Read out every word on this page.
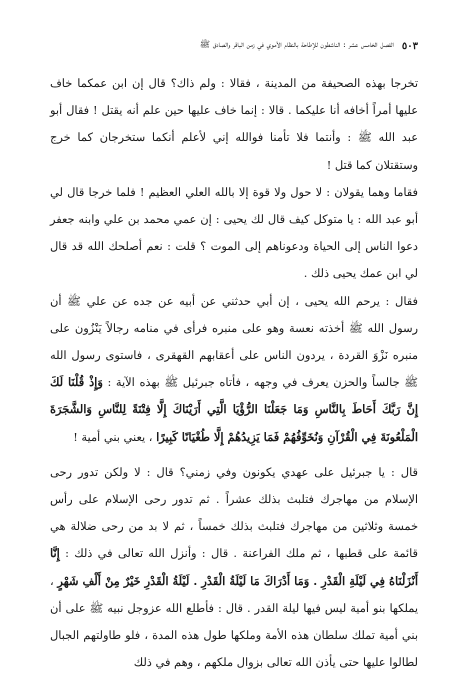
٥٠٣
الفصل الخامس عشر : الناشطون للإطاحة بالنظام الأموي في زمن الباقر والصادق ﷺ

تخرجا بهذه الصحيفة من المدينة ، فقالا : ولم ذاك؟ قال إن ابن عمكما خاف عليها أمراً أخافه أنا عليكما . قالا : إنما خاف عليها حين علم أنه يقتل ! فقال أبو عبد الله ﷺ : وأنتما فلا تأمنا فوالله إني لأعلم أنكما ستخرجان كما خرج وستقتلان كما قتل !

فقاما وهما يقولان : لا حول ولا قوة إلا بالله العلي العظيم ! فلما خرجا قال لي أبو عبد الله : يا متوكل كيف قال لك يحيى : إن عمي محمد بن علي وابنه جعفر دعوا الناس إلى الحياة ودعوناهم إلى الموت ؟ قلت : نعم أصلحك الله قد قال لي ابن عمك يحيى ذلك .

فقال : يرحم الله يحيى ، إن أبي حدثني عن أبيه عن جده عن علي ﷺ أن رسول الله ﷺ أخذته نعسة وهو على منبره فرأى في منامه رجالاً يَنْزُون على منبره نَزْوَ القردة ، يردون الناس على أعقابهم القهقرى ، فاستوى رسول الله ﷺ جالساً والحزن يعرف في وجهه ، فأتاه جبرئيل ﷺ بهذه الآية : وَإِذْ قُلْنَا لَكَ إِنَّ رَبَّكَ أَحَاطَ بِالنَّاسِ وَمَا جَعَلْنَا الرُّؤْيَا الَّتِي أَرَيْنَاكَ إِلَّا فِتْنَةً لِلنَّاسِ وَالشَّجَرَةَ الْمَلْعُونَةَ فِي الْقُرْآنِ وَنُخَوِّفُهُمْ فَمَا يَزِيدُهُمْ إِلَّا طُغْيَانًا كَبِيرًا ، يعني بني أمية !

قال : يا جبرئيل على عهدي يكونون وفي زمني؟ قال : لا ولكن تدور رحى الإسلام من مهاجرك فتلبث بذلك عشراً . ثم تدور رحى الإسلام على رأس خمسة وثلاثين من مهاجرك فتلبث بذلك خمساً ، ثم لا بد من رحى ضلالة هي قائمة على قطبها ، ثم ملك الفراعنة . قال : وأنزل الله تعالى في ذلك : إِنَّا أَنْزَلْنَاهُ فِي لَيْلَةِ الْقَدْرِ . وَمَا أَدْرَاكَ مَا لَيْلَةُ الْقَدْرِ . لَيْلَةُ الْقَدْرِ خَيْرٌ مِنْ أَلْفِ شَهْرٍ ، يملكها بنو أمية ليس فيها ليلة القدر . قال : فأطلع الله عزوجل نبيه ﷺ على أن بني أمية تملك سلطان هذه الأمة وملكها طول هذه المدة ، فلو طاولتهم الجبال لطالوا عليها حتى يأذن الله تعالى بزوال ملكهم ، وهم في ذلك
